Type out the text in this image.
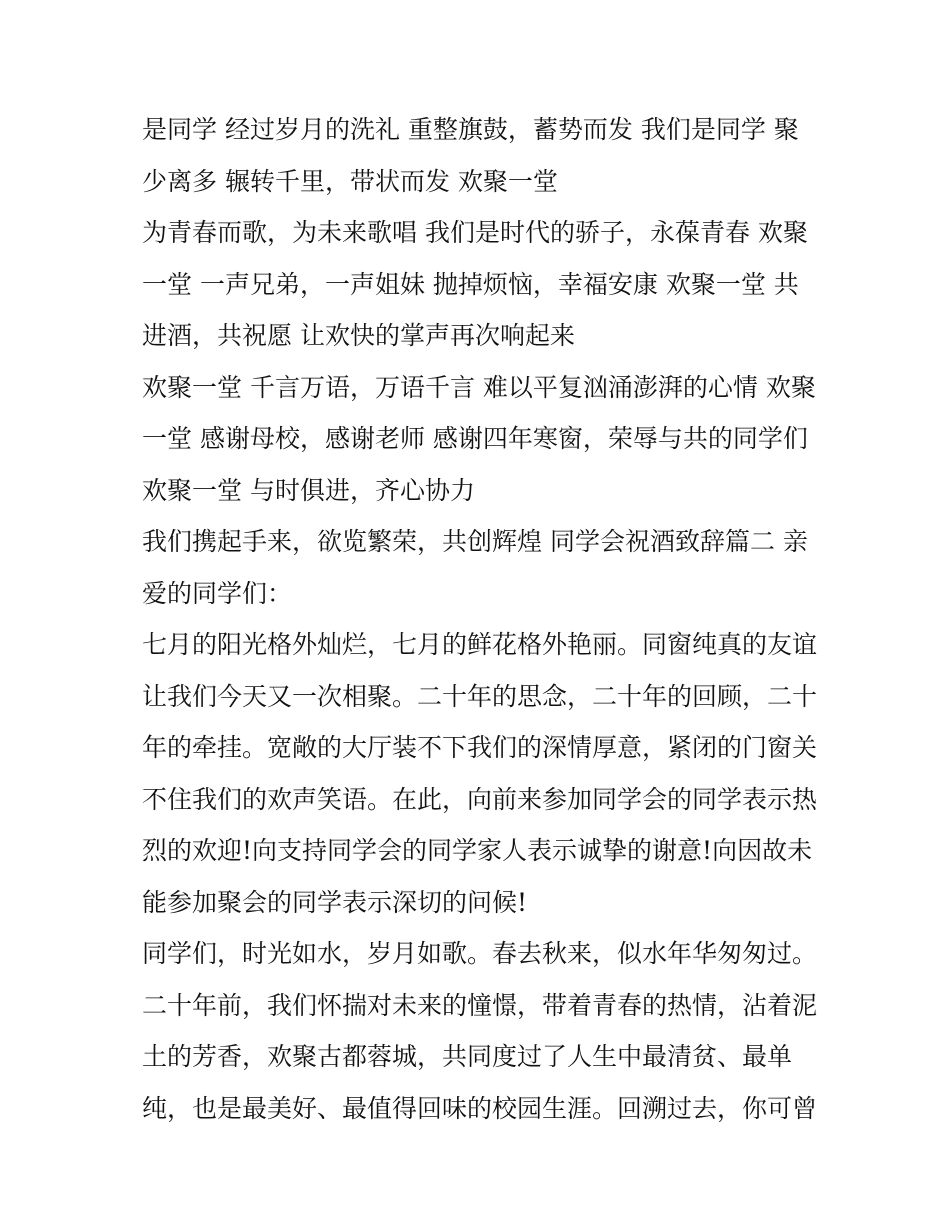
是同学 经过岁月的洗礼 重整旗鼓，蓄势而发 我们是同学 聚
少离多 辗转千里，带状而发 欢聚一堂

为青春而歌，为未来歌唱 我们是时代的骄子，永葆青春 欢聚
一堂 一声兄弟，一声姐妹 抛掉烦恼，幸福安康 欢聚一堂 共
进酒，共祝愿 让欢快的掌声再次响起来

欢聚一堂 千言万语，万语千言 难以平复汹涌澎湃的心情 欢聚
一堂 感谢母校，感谢老师 感谢四年寒窗，荣辱与共的同学们
欢聚一堂 与时俱进，齐心协力

我们携起手来，欲览繁荣，共创辉煌 同学会祝酒致辞篇二 亲
爱的同学们：

七月的阳光格外灿烂，七月的鲜花格外艳丽。同窗纯真的友谊
让我们今天又一次相聚。二十年的思念，二十年的回顾，二十
年的牵挂。宽敞的大厅装不下我们的深情厚意，紧闭的门窗关
不住我们的欢声笑语。在此，向前来参加同学会的同学表示热
烈的欢迎!向支持同学会的同学家人表示诚挚的谢意!向因故未
能参加聚会的同学表示深切的问候!

同学们，时光如水，岁月如歌。春去秋来，似水年华匆匆过。
二十年前，我们怀揣对未来的憧憬，带着青春的热情，沾着泥
土的芳香，欢聚古都蓉城，共同度过了人生中最清贫、最单
纯，也是最美好、最值得回味的校园生涯。回溯过去，你可曾
